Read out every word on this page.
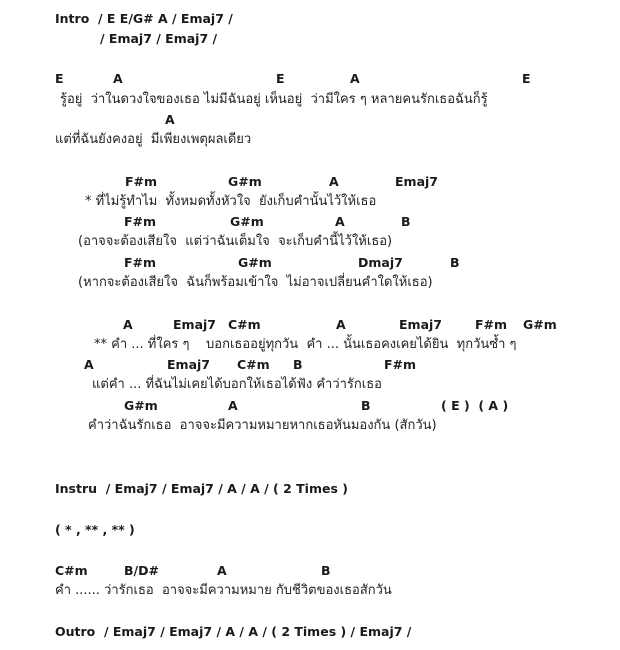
Intro  / E E/G# A / Emaj7 /
/ Emaj7 / Emaj7 /
E	A	E	A	E
รู้อยู่  ว่าในดวงใจของเธอ ไม่มีฉันอยู่ เห็นอยู่  ว่ามีใคร ๆ หลายคนรักเธอฉันก็รู้
A
แต่ที่ฉันยังคงอยู่  มีเพียงเพตุผลเดียว
F#m	G#m	A	Emaj7
* ที่ไม่รู้ทำไม  ทั้งหมดทั้งหัวใจ  ยังเก็บคำนั้นไว้ให้เธอ
F#m	G#m	A	B
(อาจจะต้องเสียใจ  แต่ว่าฉันเต็มใจ  จะเก็บคำนี้ไว้ให้เธอ)
F#m	G#m	Dmaj7	B
(หากจะต้องเสียใจ  ฉันก็พร้อมเข้าใจ  ไม่อาจเปลี่ยนคำใดให้เธอ)
A	Emaj7 C#m	A	Emaj7	F#m G#m
** คำ ... ที่ใคร ๆ    บอกเธออยู่ทุกวัน  คำ ... นั้นเธอคงเคยได้ยิน  ทุกวันซ้ำ ๆ
A	Emaj7 C#m B	F#m
แต่คำ ... ที่ฉันไม่เคยได้บอกให้เธอได้ฟัง คำว่ารักเธอ
G#m	A	B	( E )  ( A )
คำว่าฉันรักเธอ  อาจจะมีความหมายหากเธอหันมองกัน (สักวัน)
Instru  / Emaj7 / Emaj7 / A / A / ( 2 Times )
( * , ** , ** )
C#m	B/D#	A	B
คำ ...... ว่ารักเธอ  อาจจะมีความหมาย กับชีวิตของเธอสักวัน
Outro  / Emaj7 / Emaj7 / A / A / ( 2 Times ) / Emaj7 /
